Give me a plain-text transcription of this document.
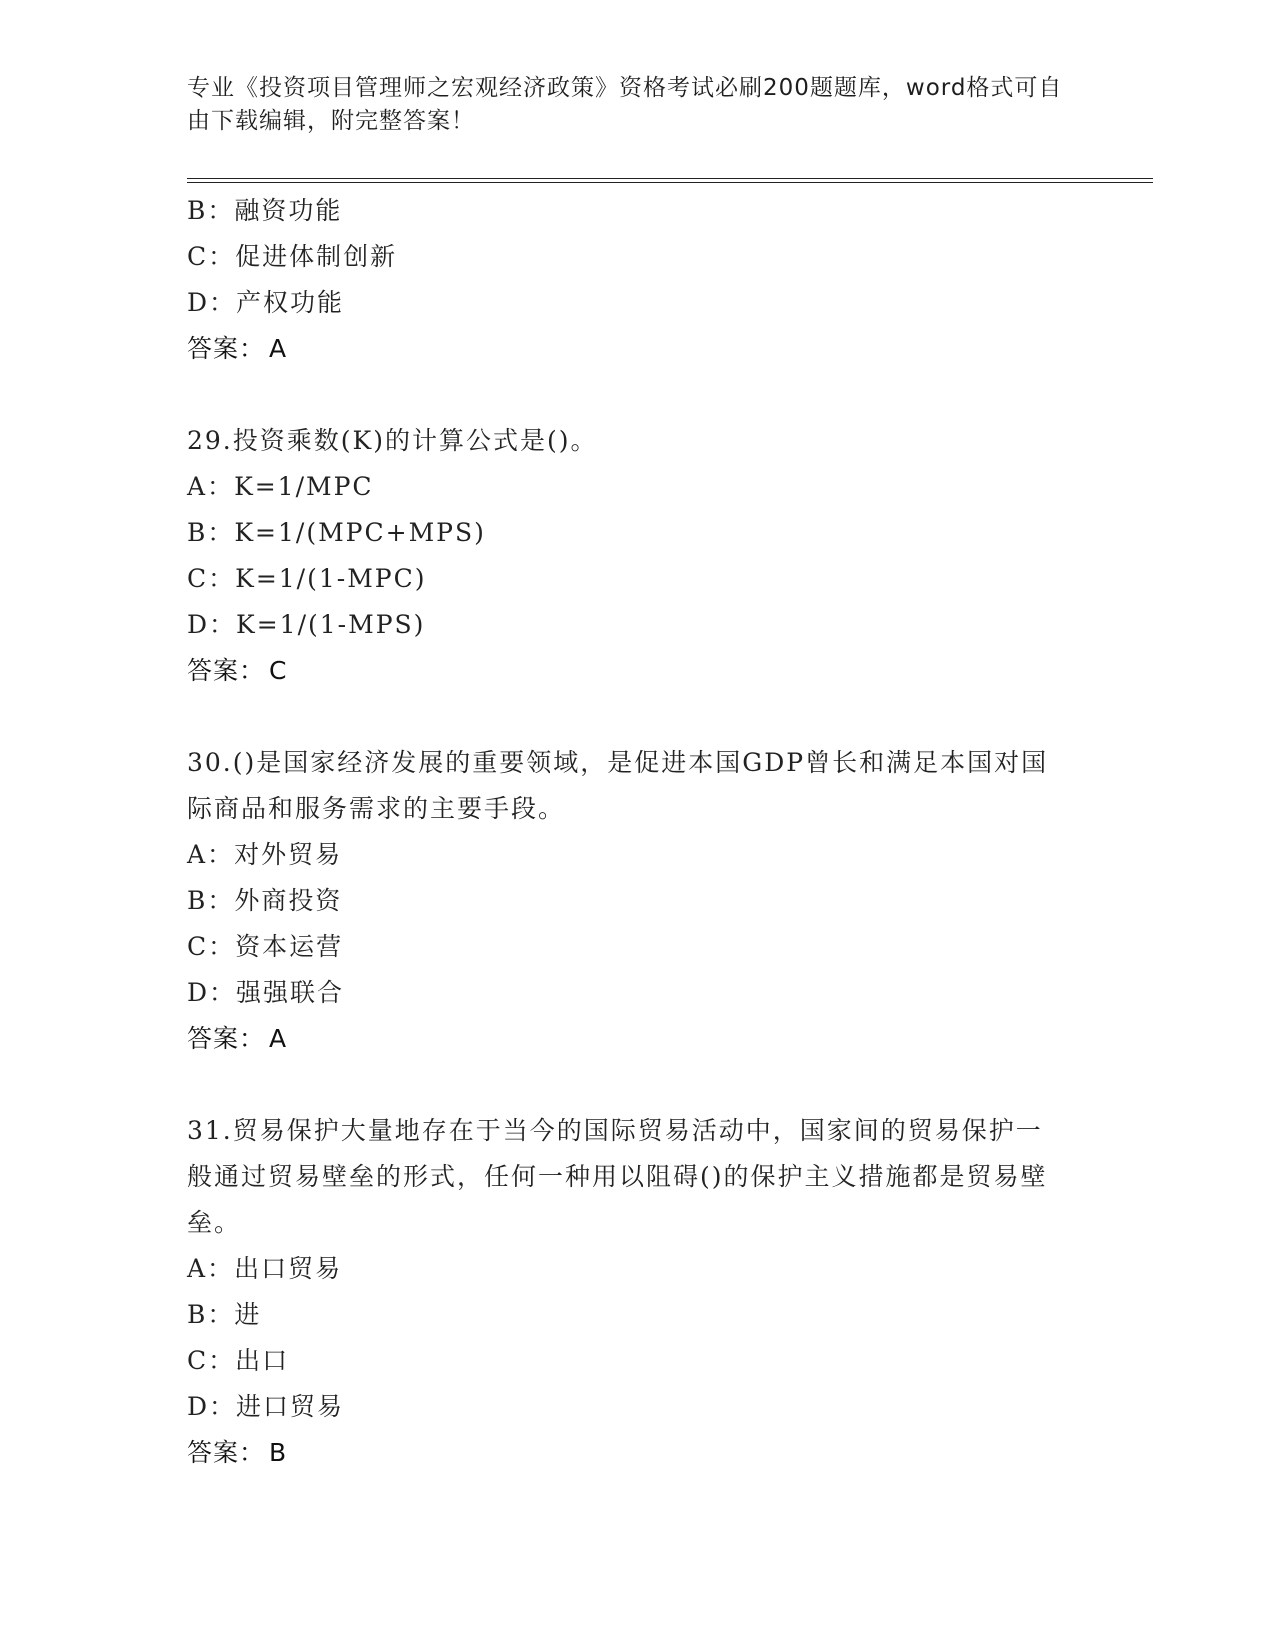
专业《投资项目管理师之宏观经济政策》资格考试必刷200题题库，word格式可自由下载编辑，附完整答案！
B：融资功能
C：促进体制创新
D：产权功能
答案： A
29.投资乘数(K)的计算公式是()。
A：K=1/MPC
B：K=1/(MPC+MPS)
C：K=1/(1-MPC)
D：K=1/(1-MPS)
答案： C
30.()是国家经济发展的重要领域，是促进本国GDP曾长和满足本国对国际商品和服务需求的主要手段。
A：对外贸易
B：外商投资
C：资本运营
D：强强联合
答案： A
31.贸易保护大量地存在于当今的国际贸易活动中，国家间的贸易保护一般通过贸易壁垒的形式，任何一种用以阻碍()的保护主义措施都是贸易壁垒。
A：出口贸易
B：进
C：出口
D：进口贸易
答案： B
